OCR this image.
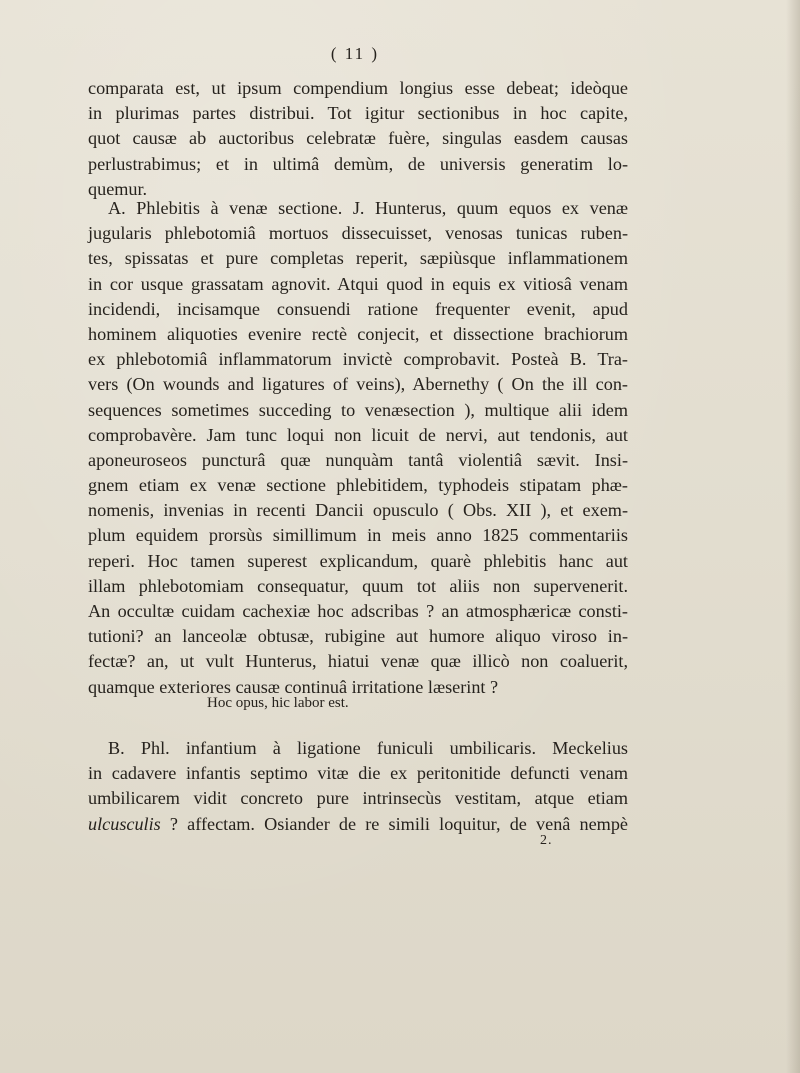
( 11 )
comparata est, ut ipsum compendium longius esse debeat; ideòque
in plurimas partes distribui. Tot igitur sectionibus in hoc capite,
quot causæ ab auctoribus celebratæ fuère, singulas easdem causas
perlustrabimus; et in ultimâ demùm, de universis generatim lo-
quemur.
A. Phlebitis à venæ sectione. J. Hunterus, quum equos ex venæ
jugularis phlebotomiâ mortuos dissecuisset, venosas tunicas ruben-
tes, spissatas et pure completas reperit, sæpiùsque inflammationem
in cor usque grassatam agnovit. Atqui quod in equis ex vitiosâ venam
incidendi, incisamque consuendi ratione frequenter evenit, apud
hominem aliquoties evenire rectè conjecit, et dissectione brachiorum
ex phlebotomiâ inflammatorum invictè comprobavit. Posteà B. Tra-
vers (On wounds and ligatures of veins), Abernethy ( On the ill con-
sequences sometimes succeding to venæsection ), multique alii idem
comprobavère. Jam tunc loqui non licuit de nervi, aut tendonis, aut
aponeuroseos puncturâ quæ nunquàm tantâ violentiâ sævit. Insi-
gnem etiam ex venæ sectione phlebitidem, typhodeis stipatam phæ-
nomenis, invenias in recenti Dancii opusculo ( Obs. XII ), et exem-
plum equidem prorsùs simillimum in meis anno 1825 commentariis
reperi. Hoc tamen superest explicandum, quarè phlebitis hanc aut
illam phlebotomiam consequatur, quum tot aliis non supervenerit.
An occultæ cuidam cachexiæ hoc adscribas ? an atmosphæricæ consti-
tutioni? an lanceolæ obtusæ, rubigine aut humore aliquo viroso in-
fectæ? an, ut vult Hunterus, hiatui venæ quæ illicò non coaluerit,
quamque exteriores causæ continuâ irritatione læserint ?
Hoc opus, hic labor est.
B. Phl. infantium à ligatione funiculi umbilicaris. Meckelius
in cadavere infantis septimo vitæ die ex peritonitide defuncti venam
umbilicarem vidit concreto pure intrinsecùs vestitam, atque etiam
ulcusculis ? affectam. Osiander de re simili loquitur, de venâ nempè
2.
